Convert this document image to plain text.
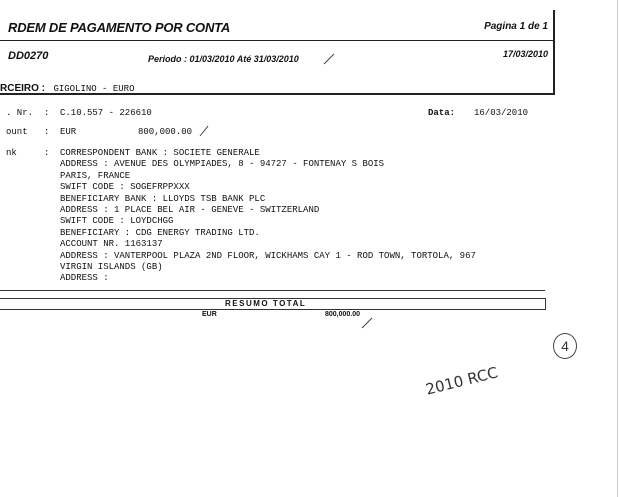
RDEM DE PAGAMENTO POR CONTA	Pagina 1 de 1
DD0270	Periodo : 01/03/2010 Até 31/03/2010	17/03/2010
RCEIRO : GIGOLINO - EURO
. Nr. : C.10.557 - 226610	Data: 16/03/2010
ount : EUR	800,000.00
nk	: CORRESPONDENT BANK : SOCIETE GENERALE
ADDRESS : AVENUE DES OLYMPIADES, 8 - 94727 - FONTENAY S BOIS
PARIS, FRANCE
SWIFT CODE : SOGEFRPPXXX
BENEFICIARY BANK : LLOYDS TSB BANK PLC
ADDRESS : 1 PLACE BEL AIR - GENEVE - SWITZERLAND
SWIFT CODE : LOYDCHGG
BENEFICIARY : CDG ENERGY TRADING LTD.
ACCOUNT NR. 1163137
ADDRESS : VANTERPOOL PLAZA 2ND FLOOR, WICKHAMS CAY 1 - ROD TOWN, TORTOLA, 967
VIRGIN ISLANDS (GB)
ADDRESS :
RESUMO TOTAL
EUR	800,000.00
4
2010 RCC
